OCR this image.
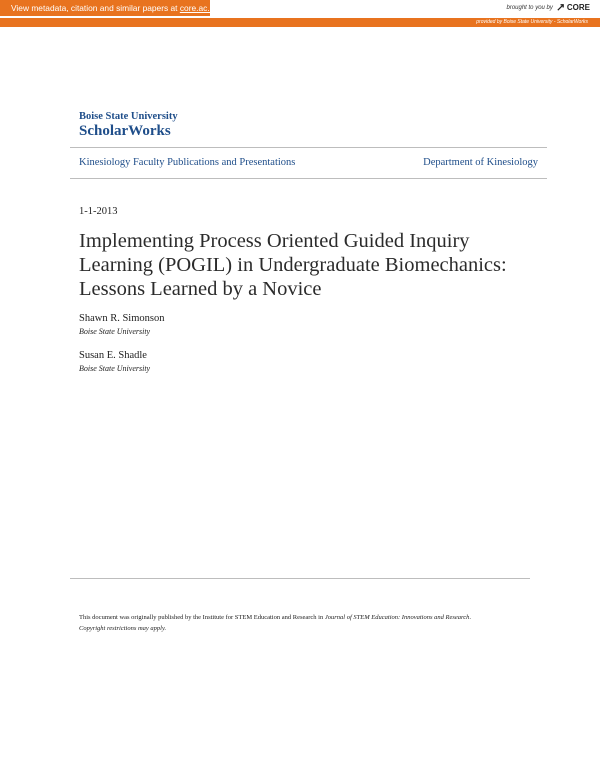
View metadata, citation and similar papers at core.ac.uk	brought to you by CORE
provided by Boise State University - ScholarWorks
Boise State University
ScholarWorks
Kinesiology Faculty Publications and Presentations	Department of Kinesiology
1-1-2013
Implementing Process Oriented Guided Inquiry Learning (POGIL) in Undergraduate Biomechanics: Lessons Learned by a Novice
Shawn R. Simonson
Boise State University
Susan E. Shadle
Boise State University
This document was originally published by the Institute for STEM Education and Research in Journal of STEM Education: Innovations and Research.
Copyright restrictions may apply.
